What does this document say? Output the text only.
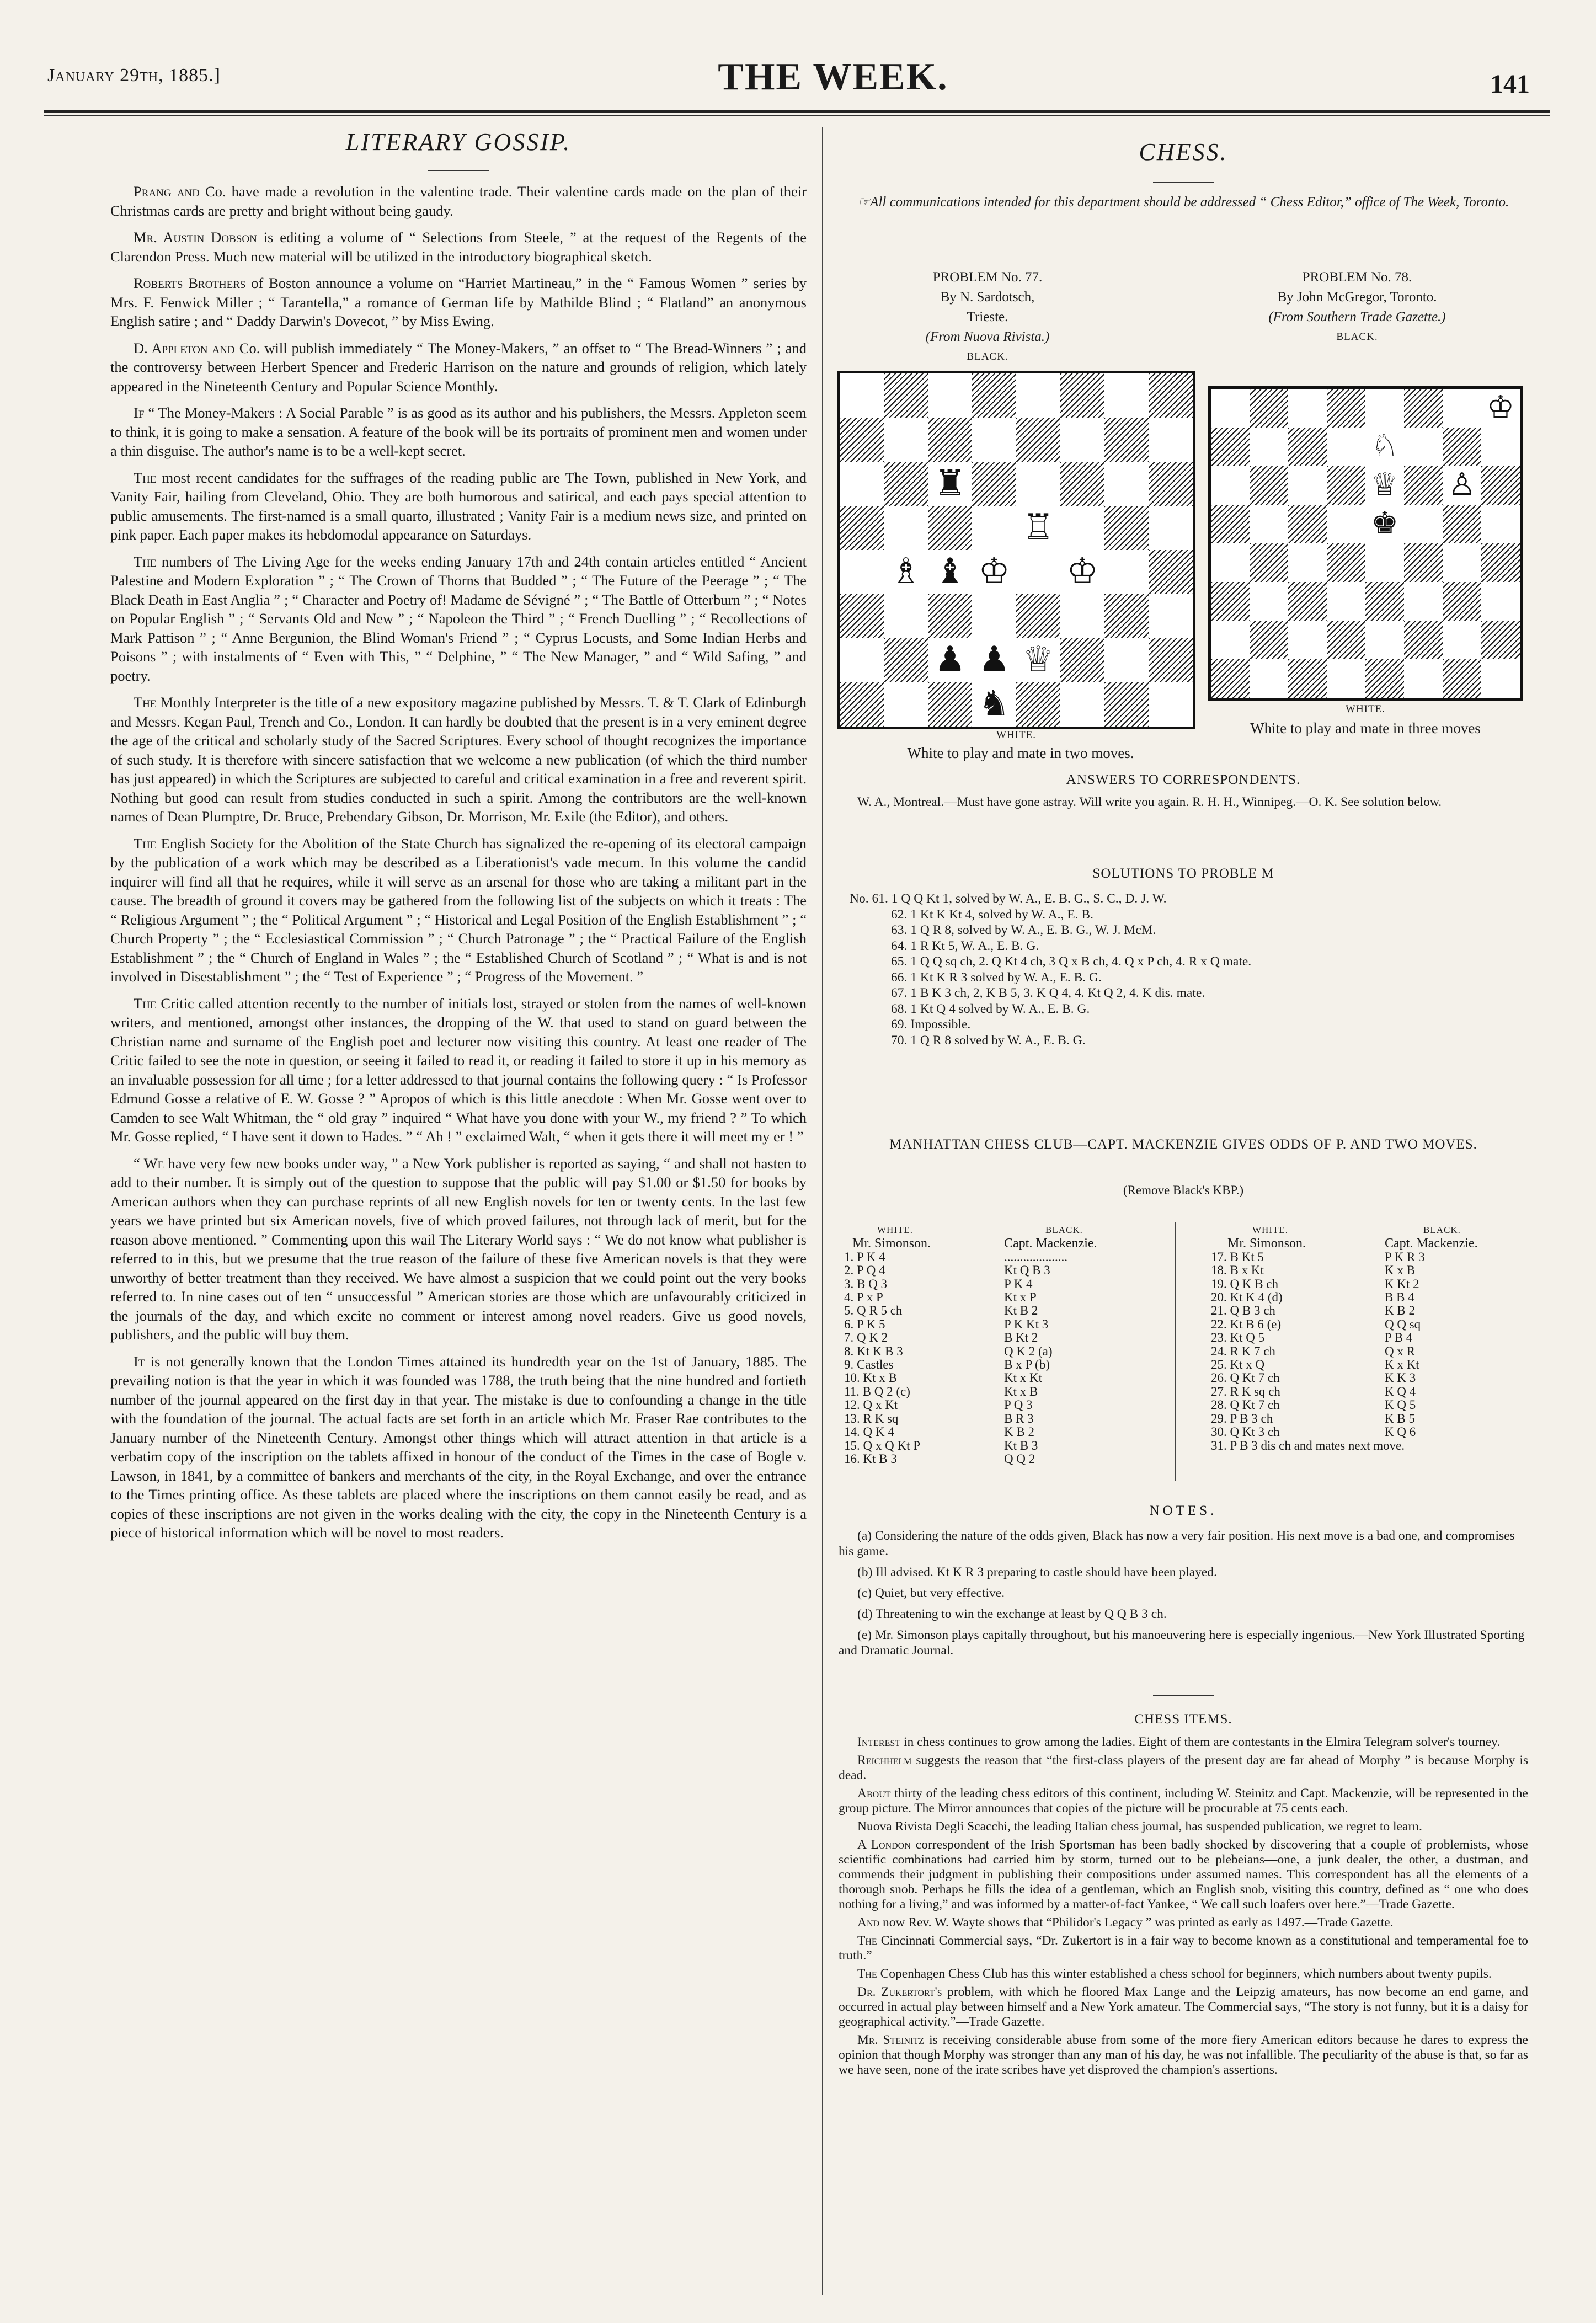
January 29th, 1885.]	THE WEEK.	141
LITERARY GOSSIP.

Prang and Co. have made a revolution in the valentine trade. Their valentine cards made on the plan of their Christmas cards are pretty and bright without being gaudy.

Mr. Austin Dobson is editing a volume of “ Selections from Steele, ” at the request of the Regents of the Clarendon Press. Much new material will be utilized in the introductory biographical sketch.

Roberts Brothers of Boston announce a volume on “Harriet Martineau,” in the “ Famous Women ” series by Mrs. F. Fenwick Miller ; “ Tarantella,” a romance of German life by Mathilde Blind ; “ Flatland” an anonymous English satire ; and “ Daddy Darwin's Dovecot, ” by Miss Ewing.

D. Appleton and Co. will publish immediately “ The Money-Makers, ” an offset to “ The Bread-Winners ” ; and the controversy between Herbert Spencer and Frederic Harrison on the nature and grounds of religion, which lately appeared in the Nineteenth Century and Popular Science Monthly.

If “ The Money-Makers : A Social Parable ” is as good as its author and his publishers, the Messrs. Appleton seem to think, it is going to make a sensation. A feature of the book will be its portraits of prominent men and women under a thin disguise. The author's name is to be a well-kept secret.

The most recent candidates for the suffrages of the reading public are The Town, published in New York, and Vanity Fair, hailing from Cleveland, Ohio. They are both humorous and satirical, and each pays special attention to public amusements. The first-named is a small quarto, illustrated ; Vanity Fair is a medium news size, and printed on pink paper. Each paper makes its hebdomodal appearance on Saturdays.

The numbers of The Living Age for the weeks ending January 17th and 24th contain articles entitled “ Ancient Palestine and Modern Exploration ” ; “ The Crown of Thorns that Budded ” ; “ The Future of the Peerage ” ; “ The Black Death in East Anglia ” ; “ Character and Poetry of! Madame de Sévigné ” ; “ The Battle of Otterburn ” ; “ Notes on Popular English ” ; “ Servants Old and New ” ; “ Napoleon the Third ” ; “ French Duelling ” ; “ Recollections of Mark Pattison ” ; “ Anne Bergunion, the Blind Woman's Friend ” ; “ Cyprus Locusts, and Some Indian Herbs and Poisons ” ; with instalments of “ Even with This, ” “ Delphine, ” “ The New Manager, ” and “ Wild Safing, ” and poetry.

The Monthly Interpreter is the title of a new expository magazine published by Messrs. T. & T. Clark of Edinburgh and Messrs. Kegan Paul, Trench and Co., London. It can hardly be doubted that the present is in a very eminent degree the age of the critical and scholarly study of the Sacred Scriptures. Every school of thought recognizes the importance of such study. It is therefore with sincere satisfaction that we welcome a new publication (of which the third number has just appeared) in which the Scriptures are subjected to careful and critical examination in a free and reverent spirit. Nothing but good can result from studies conducted in such a spirit. Among the contributors are the well-known names of Dean Plumptre, Dr. Bruce, Prebendary Gibson, Dr. Morrison, Mr. Exile (the Editor), and others.

The English Society for the Abolition of the State Church has signalized the re-opening of its electoral campaign by the publication of a work which may be described as a Liberationist's vade mecum. In this volume the candid inquirer will find all that he requires, while it will serve as an arsenal for those who are taking a militant part in the cause. The breadth of ground it covers may be gathered from the following list of the subjects on which it treats : The “ Religious Argument ” ; the “ Political Argument ” ; “ Historical and Legal Position of the English Establishment ” ; “ Church Property ” ; the “ Ecclesiastical Commission ” ; “ Church Patronage ” ; the “ Practical Failure of the English Establishment ” ; the “ Church of England in Wales ” ; the “ Established Church of Scotland ” ; “ What is and is not involved in Disestablishment ” ; the “ Test of Experience ” ; “ Progress of the Movement. ”

The Critic called attention recently to the number of initials lost, strayed or stolen from the names of well-known writers, and mentioned, amongst other instances, the dropping of the W. that used to stand on guard between the Christian name and surname of the English poet and lecturer now visiting this country. At least one reader of The Critic failed to see the note in question, or seeing it failed to read it, or reading it failed to store it up in his memory as an invaluable possession for all time ; for a letter addressed to that journal contains the following query : “ Is Professor Edmund Gosse a relative of E. W. Gosse ? ” Apropos of which is this little anecdote : When Mr. Gosse went over to Camden to see Walt Whitman, the “ old gray ” inquired “ What have you done with your W., my friend ? ” To which Mr. Gosse replied, “ I have sent it down to Hades. ” “ Ah ! ” exclaimed Walt, “ when it gets there it will meet my er ! ”

“ We have very few new books under way, ” a New York publisher is reported as saying, “ and shall not hasten to add to their number. It is simply out of the question to suppose that the public will pay $1.00 or $1.50 for books by American authors when they can purchase reprints of all new English novels for ten or twenty cents. In the last few years we have printed but six American novels, five of which proved failures, not through lack of merit, but for the reason above mentioned. ” Commenting upon this wail The Literary World says : “ We do not know what publisher is referred to in this, but we presume that the true reason of the failure of these five American novels is that they were unworthy of better treatment than they received. We have almost a suspicion that we could point out the very books referred to. In nine cases out of ten “ unsuccessful ” American stories are those which are unfavourably criticized in the journals of the day, and which excite no comment or interest among novel readers. Give us good novels, publishers, and the public will buy them.

It is not generally known that the London Times attained its hundredth year on the 1st of January, 1885. The prevailing notion is that the year in which it was founded was 1788, the truth being that the nine hundred and fortieth number of the journal appeared on the first day in that year. The mistake is due to confounding a change in the title with the foundation of the journal. The actual facts are set forth in an article which Mr. Fraser Rae contributes to the January number of the Nineteenth Century. Amongst other things which will attract attention in that article is a verbatim copy of the inscription on the tablets affixed in honour of the conduct of the Times in the case of Bogle v. Lawson, in 1841, by a committee of bankers and merchants of the city, in the Royal Exchange, and over the entrance to the Times printing office. As these tablets are placed where the inscriptions on them cannot easily be read, and as copies of these inscriptions are not given in the works dealing with the city, the copy in the Nineteenth Century is a piece of historical information which will be novel to most readers.

CHESS.
☞All communications intended for this department should be addressed “ Chess Editor,” office of The Week, Toronto.
PROBLEM No. 77.
By N. Sardotsch,
Trieste.
(From Nuova Rivista.)
BLACK.
♜
♖
♗ ♝ ♔ ♔
♟ ♟ ♕
♞
WHITE.
White to play and mate in two moves.
PROBLEM No. 78.
By John McGregor, Toronto.
(From Southern Trade Gazette.)
BLACK.
♔
♘
♕ ♙
♚
WHITE.
White to play and mate in three moves
ANSWERS TO CORRESPONDENTS.
W. A., Montreal.—Must have gone astray. Will write you again. R. H. H., Winnipeg.—O. K. See solution below.
SOLUTIONS TO PROBLE M
No. 61. 1 Q Q Kt 1, solved by W. A., E. B. G., S. C., D. J. W.
62. 1 Kt K Kt 4, solved by W. A., E. B.
63. 1 Q R 8, solved by W. A., E. B. G., W. J. McM.
64. 1 R Kt 5, W. A., E. B. G.
65. 1 Q Q sq ch, 2. Q Kt 4 ch, 3 Q x B ch, 4. Q x P ch, 4. R x Q mate.
66. 1 Kt K R 3 solved by W. A., E. B. G.
67. 1 B K 3 ch, 2, K B 5, 3. K Q 4, 4. Kt Q 2, 4. K dis. mate.
68. 1 Kt Q 4 solved by W. A., E. B. G.
69. Impossible.
70. 1 Q R 8 solved by W. A., E. B. G.
MANHATTAN CHESS CLUB—CAPT. MACKENZIE GIVES ODDS OF P. AND TWO MOVES.
(Remove Black's KBP.)
WHITE.
Mr. Simonson.
1. P K 4
2. P Q 4
3. B Q 3
4. P x P
5. Q R 5 ch
6. P K 5
7. Q K 2
8. Kt K B 3
9. Castles
10. Kt x B
11. B Q 2 (c)
12. Q x Kt
13. R K sq
14. Q K 4
15. Q x Q Kt P
16. Kt B 3
BLACK.
Capt. Mackenzie.
....................
Kt Q B 3
P K 4
Kt x P
Kt B 2
P K Kt 3
B Kt 2
Q K 2 (a)
B x P (b)
Kt x Kt
Kt x B
P Q 3
B R 3
K B 2
Kt B 3
Q Q 2
WHITE.
Mr. Simonson.
17. B Kt 5
18. B x Kt
19. Q K B ch
20. Kt K 4 (d)
21. Q B 3 ch
22. Kt B 6 (e)
23. Kt Q 5
24. R K 7 ch
25. Kt x Q
26. Q Kt 7 ch
27. R K sq ch
28. Q Kt 7 ch
29. P B 3 ch
30. Q Kt 3 ch
31. P B 3 dis ch and mates next move.
BLACK.
Capt. Mackenzie.
P K R 3
K x B
K Kt 2
B B 4
K B 2
Q Q sq
P B 4
Q x R
K x Kt
K K 3
K Q 4
K Q 5
K B 5
K Q 6

NOTES.
(a) Considering the nature of the odds given, Black has now a very fair position. His next move is a bad one, and compromises his game.
(b) Ill advised. Kt K R 3 preparing to castle should have been played.
(c) Quiet, but very effective.
(d) Threatening to win the exchange at least by Q Q B 3 ch.
(e) Mr. Simonson plays capitally throughout, but his manoeuvering here is especially ingenious.—New York Illustrated Sporting and Dramatic Journal.
CHESS ITEMS.
Interest in chess continues to grow among the ladies. Eight of them are contestants in the Elmira Telegram solver's tourney.
Reichhelm suggests the reason that “the first-class players of the present day are far ahead of Morphy ” is because Morphy is dead.
About thirty of the leading chess editors of this continent, including W. Steinitz and Capt. Mackenzie, will be represented in the group picture. The Mirror announces that copies of the picture will be procurable at 75 cents each.
Nuova Rivista Degli Scacchi, the leading Italian chess journal, has suspended publication, we regret to learn.
A London correspondent of the Irish Sportsman has been badly shocked by discovering that a couple of problemists, whose scientific combinations had carried him by storm, turned out to be plebeians—one, a junk dealer, the other, a dustman, and commends their judgment in publishing their compositions under assumed names. This correspondent has all the elements of a thorough snob. Perhaps he fills the idea of a gentleman, which an English snob, visiting this country, defined as “ one who does nothing for a living,” and was informed by a matter-of-fact Yankee, “ We call such loafers over here.”—Trade Gazette.
And now Rev. W. Wayte shows that “Philidor's Legacy ” was printed as early as 1497.—Trade Gazette.
The Cincinnati Commercial says, “Dr. Zukertort is in a fair way to become known as a constitutional and temperamental foe to truth.”
The Copenhagen Chess Club has this winter established a chess school for beginners, which numbers about twenty pupils.
Dr. Zukertort's problem, with which he floored Max Lange and the Leipzig amateurs, has now become an end game, and occurred in actual play between himself and a New York amateur. The Commercial says, “The story is not funny, but it is a daisy for geographical activity.”—Trade Gazette.
Mr. Steinitz is receiving considerable abuse from some of the more fiery American editors because he dares to express the opinion that though Morphy was stronger than any man of his day, he was not infallible. The peculiarity of the abuse is that, so far as we have seen, none of the irate scribes have yet disproved the champion's assertions.
